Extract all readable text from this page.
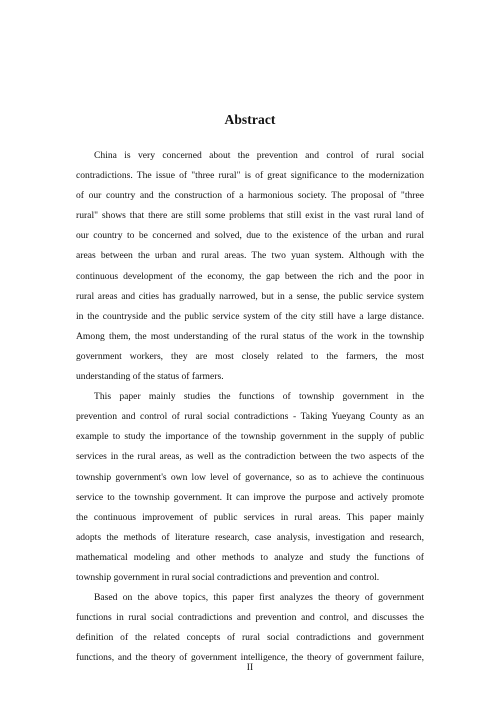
Abstract
China is very concerned about the prevention and control of rural social
contradictions. The issue of "three rural" is of great significance to the modernization
of our country and the construction of a harmonious society. The proposal of "three
rural" shows that there are still some problems that still exist in the vast rural land of
our country to be concerned and solved, due to the existence of the urban and rural
areas between the urban and rural areas. The two yuan system. Although with the
continuous development of the economy, the gap between the rich and the poor in
rural areas and cities has gradually narrowed, but in a sense, the public service system
in the countryside and the public service system of the city still have a large distance.
Among them, the most understanding of the rural status of the work in the township
government workers, they are most closely related to the farmers, the most
understanding of the status of farmers.
This paper mainly studies the functions of township government in the
prevention and control of rural social contradictions - Taking Yueyang County as an
example to study the importance of the township government in the supply of public
services in the rural areas, as well as the contradiction between the two aspects of the
township government's own low level of governance, so as to achieve the continuous
service to the township government. It can improve the purpose and actively promote
the continuous improvement of public services in rural areas. This paper mainly
adopts the methods of literature research, case analysis, investigation and research,
mathematical modeling and other methods to analyze and study the functions of
township government in rural social contradictions and prevention and control.
Based on the above topics, this paper first analyzes the theory of government
functions in rural social contradictions and prevention and control, and discusses the
definition of the related concepts of rural social contradictions and government
functions, and the theory of government intelligence, the theory of government failure,
II
